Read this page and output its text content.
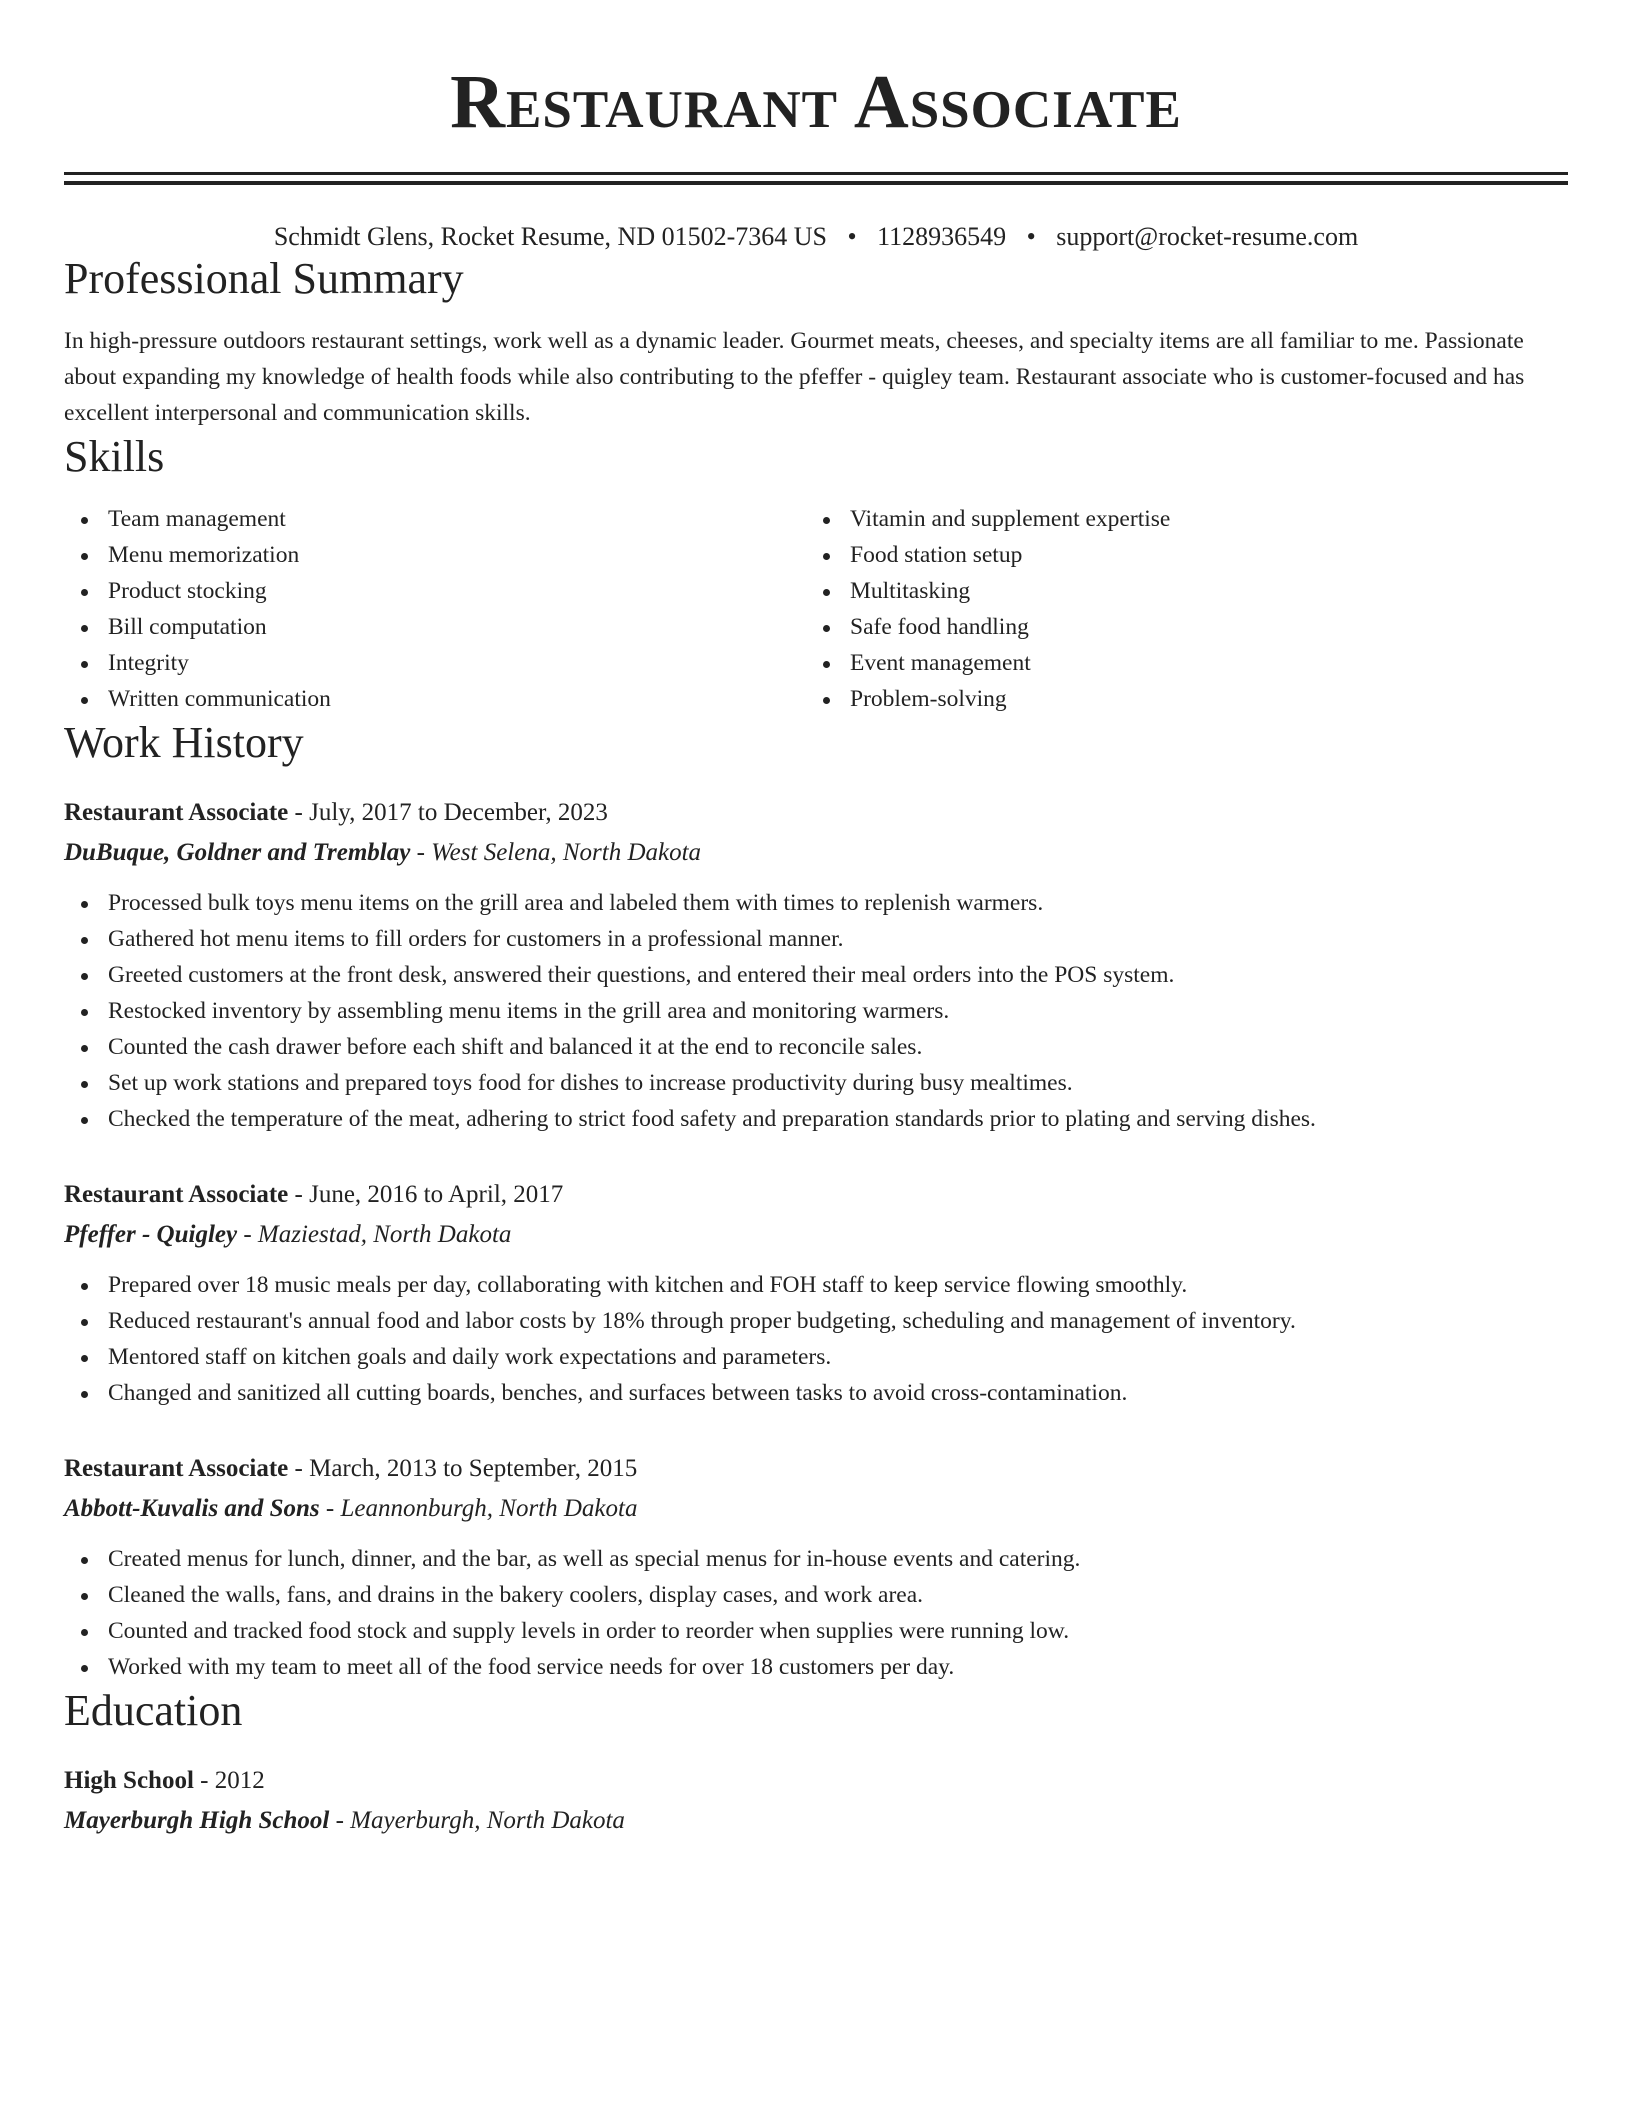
Restaurant Associate
Schmidt Glens, Rocket Resume, ND 01502-7364 US • 1128936549 • support@rocket-resume.com
Professional Summary

In high-pressure outdoors restaurant settings, work well as a dynamic leader. Gourmet meats, cheeses, and specialty items are all familiar to me. Passionate about expanding my knowledge of health foods while also contributing to the pfeffer - quigley team. Restaurant associate who is customer-focused and has excellent interpersonal and communication skills.

Skills
Team management
Menu memorization
Product stocking
Bill computation
Integrity
Written communication
Vitamin and supplement expertise
Food station setup
Multitasking
Safe food handling
Event management
Problem-solving
Work History
Restaurant Associate - July, 2017 to December, 2023
DuBuque, Goldner and Tremblay - West Selena, North Dakota
Processed bulk toys menu items on the grill area and labeled them with times to replenish warmers.
Gathered hot menu items to fill orders for customers in a professional manner.
Greeted customers at the front desk, answered their questions, and entered their meal orders into the POS system.
Restocked inventory by assembling menu items in the grill area and monitoring warmers.
Counted the cash drawer before each shift and balanced it at the end to reconcile sales.
Set up work stations and prepared toys food for dishes to increase productivity during busy mealtimes.
Checked the temperature of the meat, adhering to strict food safety and preparation standards prior to plating and serving dishes.
Restaurant Associate - June, 2016 to April, 2017
Pfeffer - Quigley - Maziestad, North Dakota
Prepared over 18 music meals per day, collaborating with kitchen and FOH staff to keep service flowing smoothly.
Reduced restaurant's annual food and labor costs by 18% through proper budgeting, scheduling and management of inventory.
Mentored staff on kitchen goals and daily work expectations and parameters.
Changed and sanitized all cutting boards, benches, and surfaces between tasks to avoid cross-contamination.
Restaurant Associate - March, 2013 to September, 2015
Abbott-Kuvalis and Sons - Leannonburgh, North Dakota
Created menus for lunch, dinner, and the bar, as well as special menus for in-house events and catering.
Cleaned the walls, fans, and drains in the bakery coolers, display cases, and work area.
Counted and tracked food stock and supply levels in order to reorder when supplies were running low.
Worked with my team to meet all of the food service needs for over 18 customers per day.
Education
High School - 2012
Mayerburgh High School - Mayerburgh, North Dakota
